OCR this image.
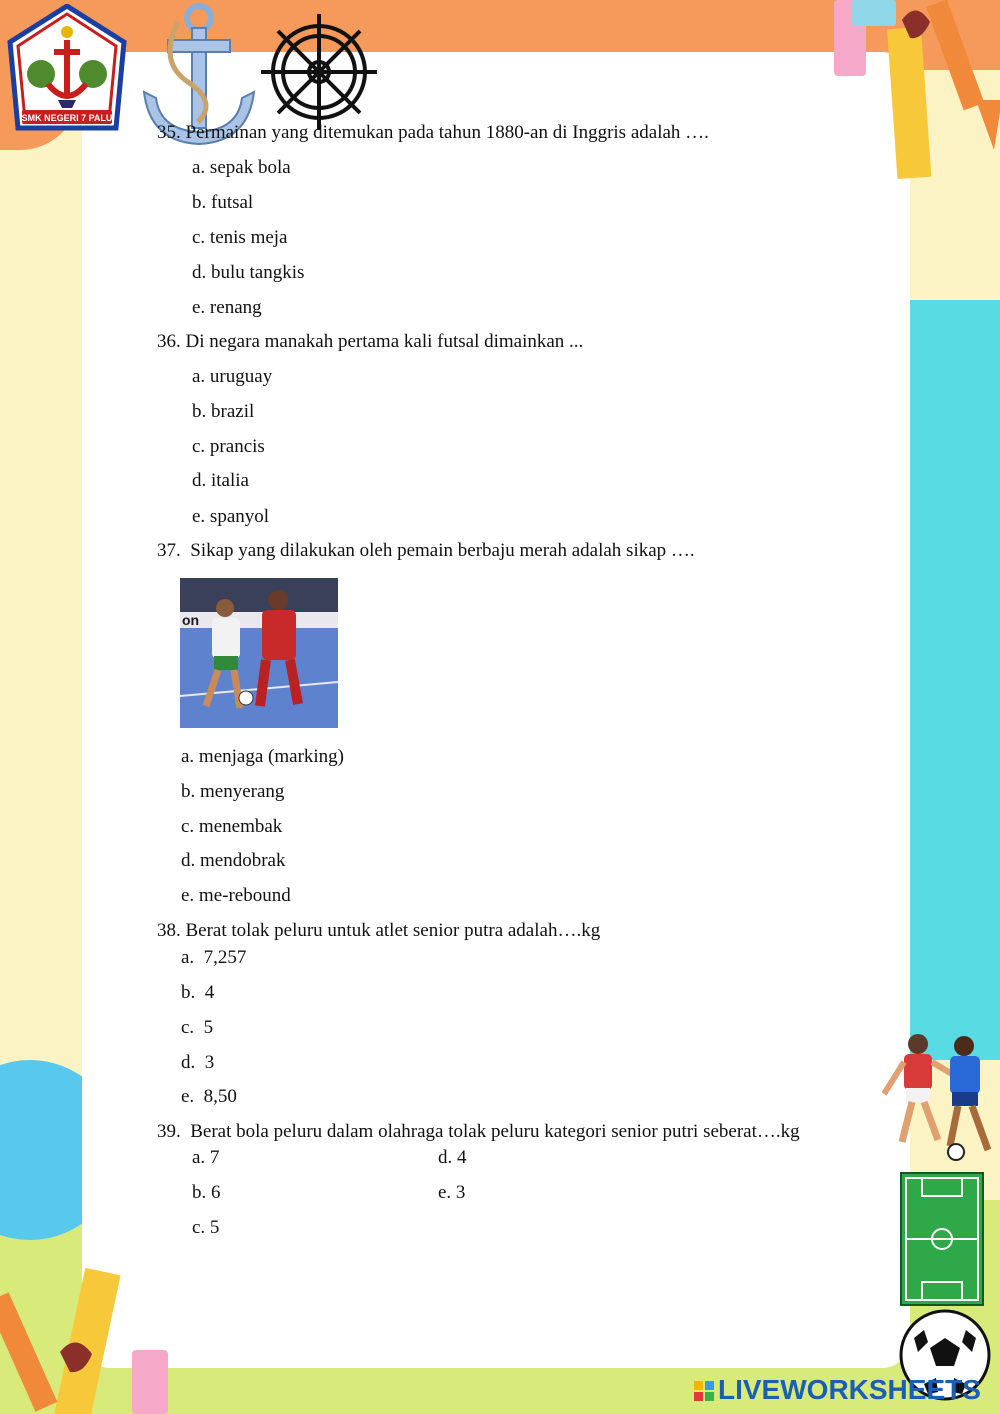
SMK NEGERI 7 PALU
35. Permainan yang ditemukan pada tahun 1880-an di Inggris adalah ….
a. sepak bola
b. futsal
c. tenis meja
d. bulu tangkis
e. renang
36. Di negara manakah pertama kali futsal dimainkan ...
a. uruguay
b. brazil
c. prancis
d. italia
e. spanyol
37. Sikap yang dilakukan oleh pemain berbaju merah adalah sikap ….
on
a. menjaga (marking)
b. menyerang
c. menembak
d. mendobrak
e. me-rebound
38. Berat tolak peluru untuk atlet senior putra adalah….kg
a.  7,257
b.  4
c.  5
d.  3
e.  8,50
39. Berat bola peluru dalam olahraga tolak peluru kategori senior putri seberat….kg
a. 7	d. 4
b. 6	e. 3
c. 5
LIVEWORKSHEETS
